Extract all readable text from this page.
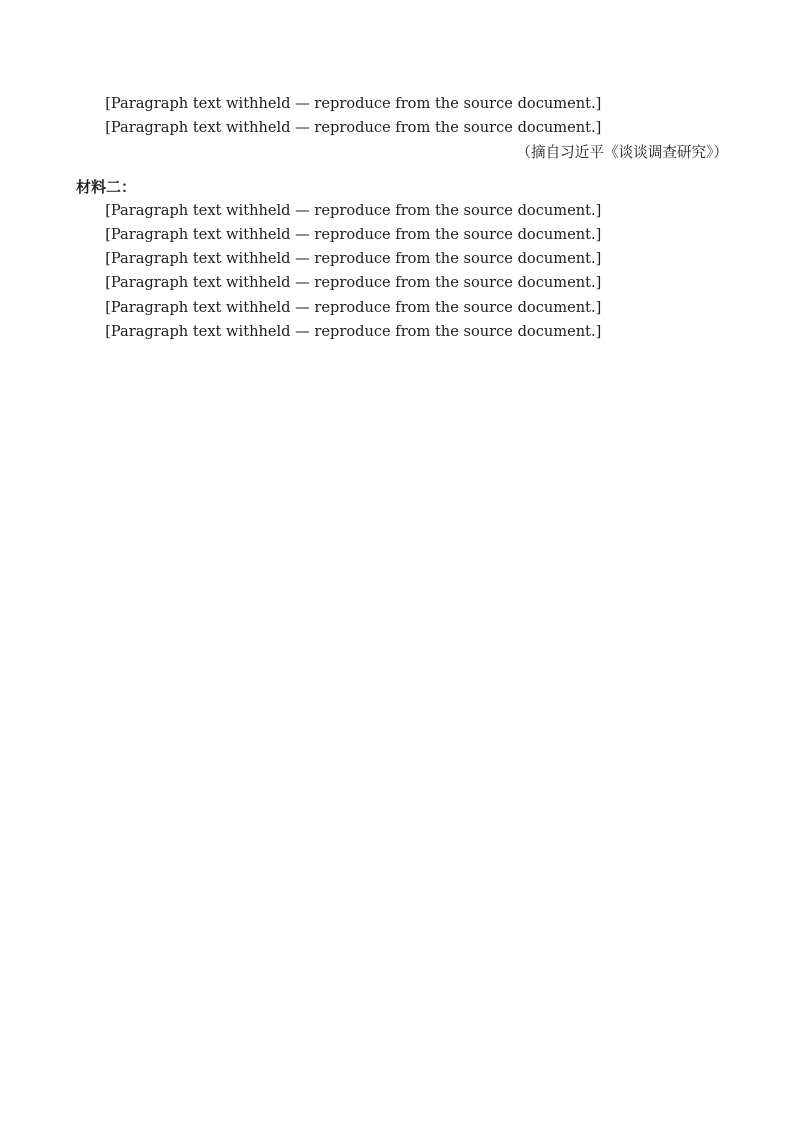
[Paragraph text withheld — reproduce from the source document.]

[Paragraph text withheld — reproduce from the source document.]

（摘自习近平《谈谈调查研究》）

材料二：

[Paragraph text withheld — reproduce from the source document.]

[Paragraph text withheld — reproduce from the source document.]

[Paragraph text withheld — reproduce from the source document.]

[Paragraph text withheld — reproduce from the source document.]

[Paragraph text withheld — reproduce from the source document.]

[Paragraph text withheld — reproduce from the source document.]
